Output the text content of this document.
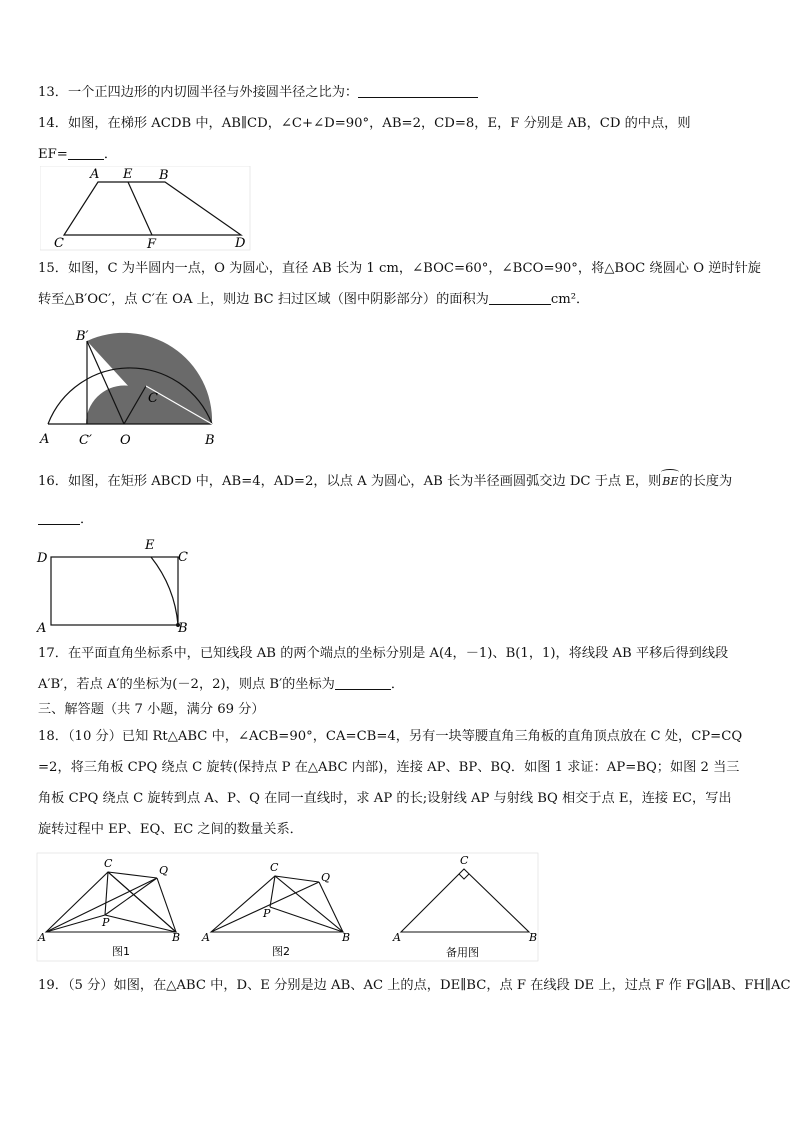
13．一个正四边形的内切圆半径与外接圆半径之比为：
14．如图，在梯形 ACDB 中，AB∥CD，∠C+∠D=90°，AB=2，CD=8，E，F 分别是 AB，CD 的中点，则
EF=	．
A E B
C	F	D
15．如图，C 为半圆内一点，O 为圆心，直径 AB 长为 1 cm，∠BOC=60°，∠BCO=90°，将△BOC 绕圆心 O 逆时针旋
转至△B′OC′，点 C′在 OA 上，则边 BC 扫过区域（图中阴影部分）的面积为	cm²．
B′
C
A C′ O	B
16．如图，在矩形 ABCD 中，AB=4，AD=2，以点 A 为圆心，AB 长为半径画圆弧交边 DC 于点 E，则BE
的长度为
．
D
E
C
A	B
17．在平面直角坐标系中，已知线段 AB 的两个端点的坐标分别是 A(4，－1)、B(1，1)，将线段 AB 平移后得到线段
A′B′，若点 A′的坐标为(－2，2)，则点 B′的坐标为	．
三、解答题（共 7 小题，满分 69 分）
18．（10 分）已知 Rt△ABC 中，∠ACB=90°，CA=CB=4，另有一块等腰直角三角板的直角顶点放在 C 处，CP=CQ
=2，将三角板 CPQ 绕点 C 旋转(保持点 P 在△ABC 内部)，连接 AP、BP、BQ．如图 1 求证：AP=BQ；如图 2 当三
角板 CPQ 绕点 C 旋转到点 A、P、Q 在同一直线时，求 AP 的长;设射线 AP 与射线 BQ 相交于点 E，连接 EC，写出
旋转过程中 EP、EQ、EC 之间的数量关系．
C
Q
P
A	B
图1
C
Q
P
A	B
图2
C
A	B
备用图
19．（5 分）如图，在△ABC 中，D、E 分别是边 AB、AC 上的点，DE∥BC，点 F 在线段 DE 上，过点 F 作 FG∥AB、FH∥AC
